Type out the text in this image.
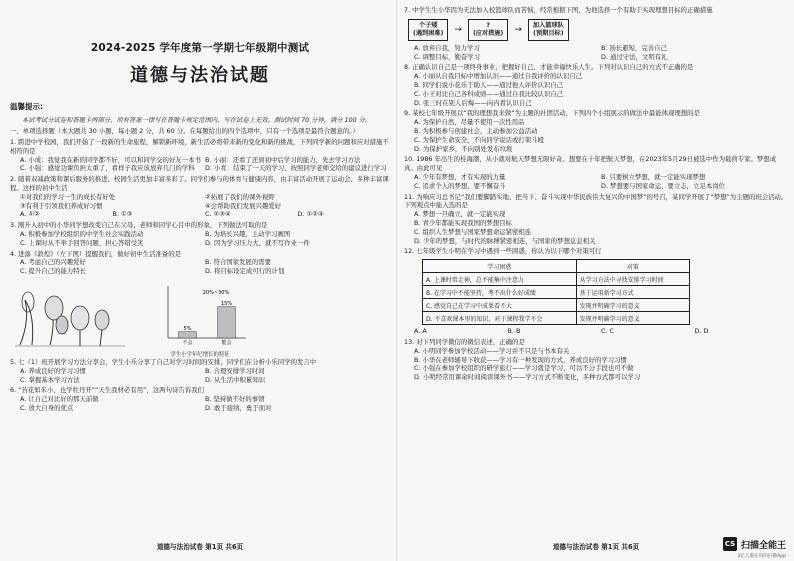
2024-2025 学年度第一学期七年级期中测试
道德与法治试题
温馨提示:
本试考试分试卷和答题卡两部分，所有答案一律写在答题卡规定范围内，写在试卷上无效。测试时间 70 分钟，满分 100 分。
一、单项选择题（本大题共 30 小题，每小题 2 分，共 60 分。在每题给出的四个选项中，只有一个选项是最符合题意的。）
1. 跨进中学校园，我们开始了一段新的生命旅程，解锁新环境、新生活必将带来新的变化和新的挑战，下列同学新的问题和应对措施不相符的是
A. 小成：我觉我在新的同学都不好，可以和同学交的好友一本书 B. 小丽：还看了还到初中后学习的能力，先去学习方法
C. 小强：感觉功课负担太重了，看样子我应该放弃几门的学科	D. 小育：结束了一天的学习，按照同学老师交给的建议进行学习
2. 随着双减政策和课后服务的推进，校园生活更加丰富多彩了。同学们参与的体育与健康内容，由丰富活动开展了运动会、多种丰富课程。这样的初中生活
①对我们的学习一生的成长有好处	②拓展了我们的课外视野
③有利于引领我们养成好习惯	④会帮助我们发展兴趣爱好
A. ①②	B. ①③	C. ②③④	D. ①②④
3. 刚升入初中的小华同学想改变自己在父母、老师和同学心目中的形象，下列做法可取的是
A. 积极参加学校组织的中学生社会实践活动	B. 为培长兴趣，主动学习画图
C. 上课时从不举手回答问题，担心答错受笑	D. 因为学习压力大，就不写作业一件
4. 进落《敦煌》（左下图）提醒我们，做好初中生活准备的是
A. 考虑自己的兴趣爱好	B. 符合国家发展的需要
C. 提升自己的能力特长	D. 将目标设定成可行的计划
5%
不会
15%
能会
20%~30%
学生小学年纪增长的特征
5. 七（1）班开展学习方法分享会，学生小乐分享了自己对学习时间的安排，同学们在分析小乐同学的发言中
A. 养成良好的学习习惯	B. 合理安排学习时间
C. 掌握基本学习方法	D. 从生活中积累知识
6. “苔花如米小，也学牡丹开”“天生我材必有用”，这两句诗告诉我们
A. 让自己对比好的那天前做	B. 坚持做不好的事情
C. 放大自身的优点	D. 敢于接纳，勇于面对
道德与法治试卷 第1页 共6页
7. 中学生生小华因为无法加入校篮球队而苦恼，经常根据下图，为他选择一个有助于实现理想目标的正确措施
个子矮
(遇到困难) →	?
(应对措施) → 加入篮球队
(预期目标)
A. 放弃自我，努力学习	B. 扬长避短，完善自己
C. 调整目标，勤奋学习	D. 通过守法，文明有礼
8. 正确认识自己是一项终身事业，把握好自己，才能幸福快乐人生。下列对认识自己的方式不正确的是
A. 小丽从自我目标中增加认识——通过自我评价的认识自己
B. 同学们说小花乐于助人——通过他人评价认识自己
C. 小王对比自己各科成绩——通过自我比较认识自己
D. 张三时在别人后悔——向内看认识自己
9. 某校七年级开展以“我的理想我来做”为主题的社团活动，下列四个小组展示的做法中最能体现理想的是
A. 为保护自然，尽量不使用一次性用品
B. 为积极参与创建社会，主动参加公益活动
C. 为保护生命安全，不向同学说话或打架斗殴
D. 为保护家乡，不向别处发布垃圾
10. 1986 年出生的桂海潮，从小就对航天梦想无限好奇。想要在十年把航天梦想，在2023年5月29日被选中作为载荷专家。梦想成真。由此可见
A. 少年有梦想，才有实现的力量	B. 只要树立梦想，就一定能实现梦想
C. 追求个人的梦想，要不懈奋斗	D. 梦想要与国家命运，要立志，立足本岗位
11. 为响应习总书记“我们要脚踏实地、把当下、奋斗实现中华民族伟大复兴的中国梦”的号召，某同学开展了“梦想”为主题的班会活动。下列观点中能入选的是
A. 梦想一旦确立，就一定能实现
B. 青少年都能实现我国的梦想目标
C. 组织人生梦想与国家梦想命运紧密相连
D. 少年的梦想，与时代的脉搏紧密相连，与国家的梦想息息相关
12. 七年级学生小明在学习中遇到一些困惑，你认为以下哪个对策可行
学习困惑	对策
A. 上课时常走神，总不能集中注意力	从学习方法中寻找安排学习时间
B. 在学习中不能坚持，考不出什么好成绩	基于运用新学习方式
C. 感觉自己在学习中成果看不大	发现并明确学习的意义
D. 不喜欢课本里的知识，对于课程我学不会	发现并明确学习的意义
A. A	B. B	C. C	D. D
13. 对下列同学微信的微信表述，正确的是
A. 小明同学参加学校活动——学习并不只是与书本有关
B. 小华在老师辅导下收获——学习有一种发现的方式，养成良好的学习习惯
C. 小强在参加学校组织的研学旅行——学习就是学习，可以不分手段也可不做
D. 小明经常用课余时间阅读课外书——学习方式不断变化，多种方式都可以学习
道德与法治试卷 第1页 共6页	CS 扫描全能王
3亿人都在用的扫描App
